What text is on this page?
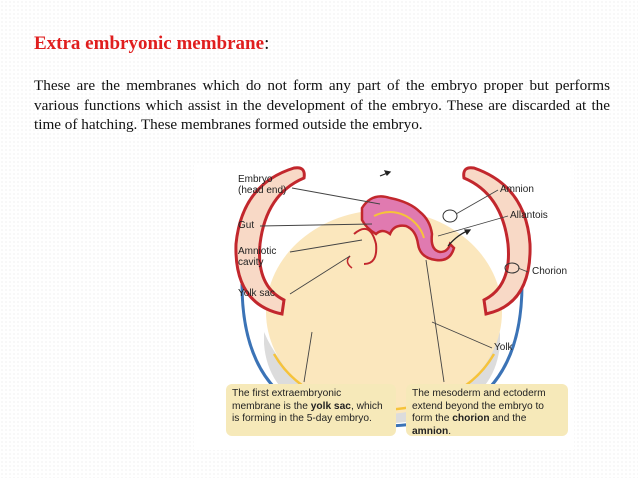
Extra embryonic membrane:
These are the membranes which do not form any part of the embryo proper but performs various functions which assist in the development of the embryo. These are discarded at the time of hatching. These membranes formed outside the embryo.
Embryo
(head end)
Gut
Amniotic
cavity
Yolk sac
Amnion
Allantois
Chorion
Yolk
The first extraembryonic membrane is the yolk sac, which is forming in the 5-day embryo.
The mesoderm and ectoderm extend beyond the embryo to form the chorion and the amnion.
